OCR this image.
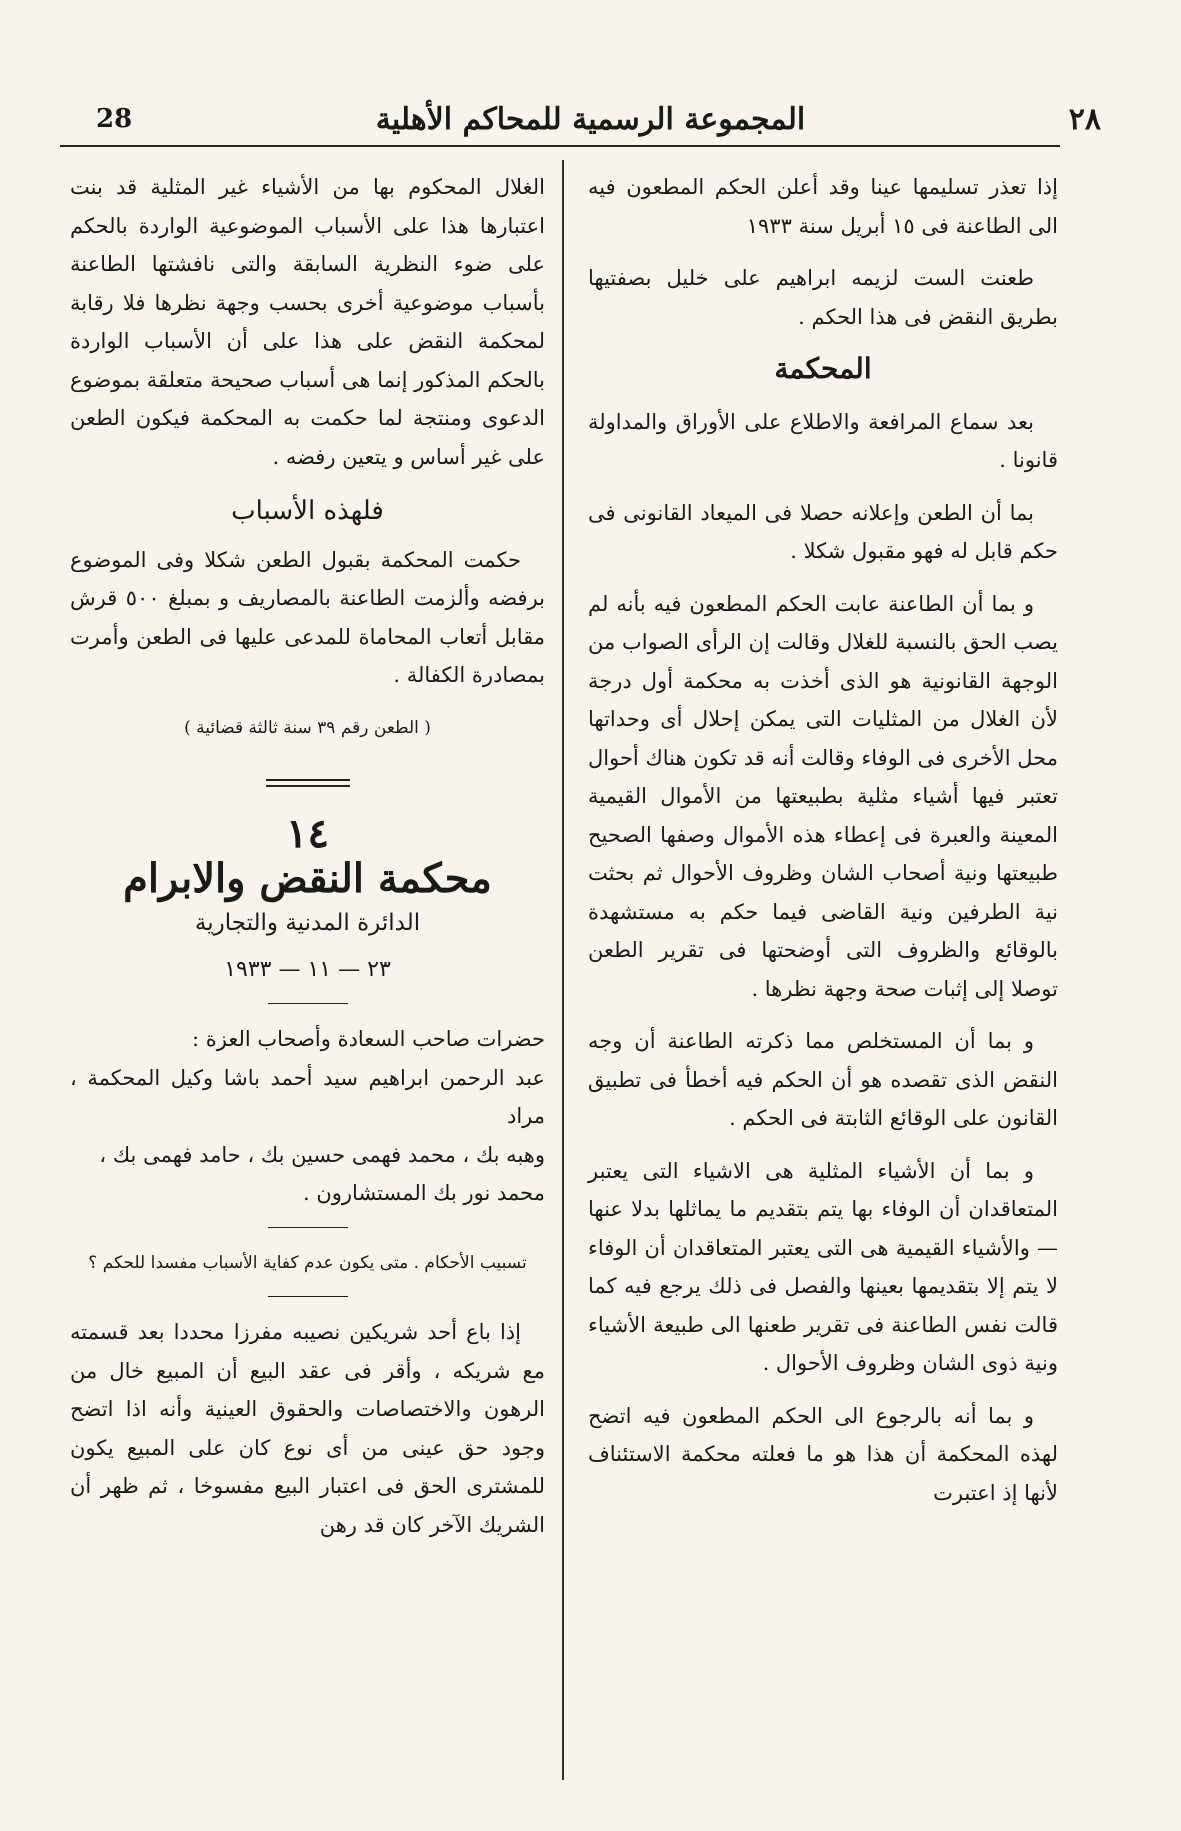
28	المجموعة الرسمية للمحاكم الأهلية	٢٨

إذا تعذر تسليمها عينا وقد أعلن الحكم المطعون فيه الى الطاعنة فى ١٥ أبريل سنة ١٩٣٣

طعنت الست لزيمه ابراهيم على خليل بصفتيها بطريق النقض فى هذا الحكم .

المحكمة

بعد سماع المرافعة والاطلاع على الأوراق والمداولة قانونا .

بما أن الطعن وإعلانه حصلا فى الميعاد القانونى فى حكم قابل له فهو مقبول شكلا .

و بما أن الطاعنة عابت الحكم المطعون فيه بأنه لم يصب الحق بالنسبة للغلال وقالت إن الرأى الصواب من الوجهة القانونية هو الذى أخذت به محكمة أول درجة لأن الغلال من المثليات التى يمكن إحلال أى وحداتها محل الأخرى فى الوفاء وقالت أنه قد تكون هناك أحوال تعتبر فيها أشياء مثلية بطبيعتها من الأموال القيمية المعينة والعبرة فى إعطاء هذه الأموال وصفها الصحيح طبيعتها ونية أصحاب الشان وظروف الأحوال ثم بحثت نية الطرفين ونية القاضى فيما حكم به مستشهدة بالوقائع والظروف التى أوضحتها فى تقرير الطعن توصلا إلى إثبات صحة وجهة نظرها .

و بما أن المستخلص مما ذكرته الطاعنة أن وجه النقض الذى تقصده هو أن الحكم فيه أخطأ فى تطبيق القانون على الوقائع الثابتة فى الحكم .

و بما أن الأشياء المثلية هى الاشياء التى يعتبر المتعاقدان أن الوفاء بها يتم بتقديم ما يماثلها بدلا عنها — والأشياء القيمية هى التى يعتبر المتعاقدان أن الوفاء لا يتم إلا بتقديمها بعينها والفصل فى ذلك يرجع فيه كما قالت نفس الطاعنة فى تقرير طعنها الى طبيعة الأشياء ونية ذوى الشان وظروف الأحوال .

و بما أنه بالرجوع الى الحكم المطعون فيه اتضح لهذه المحكمة أن هذا هو ما فعلته محكمة الاستئناف لأنها إذ اعتبرت

الغلال المحكوم بها من الأشياء غير المثلية قد بنت اعتبارها هذا على الأسباب الموضوعية الواردة بالحكم على ضوء النظرية السابقة والتى نافشتها الطاعنة بأسباب موضوعية أخرى بحسب وجهة نظرها فلا رقابة لمحكمة النقض على هذا على أن الأسباب الواردة بالحكم المذكور إنما هى أسباب صحيحة متعلقة بموضوع الدعوى ومنتجة لما حكمت به المحكمة فيكون الطعن على غير أساس و يتعين رفضه .

فلهذه الأسباب

حكمت المحكمة بقبول الطعن شكلا وفى الموضوع برفضه وألزمت الطاعنة بالمصاريف و بمبلغ ٥٠٠ قرش مقابل أتعاب المحاماة للمدعى عليها فى الطعن وأمرت بمصادرة الكفالة .

( الطعن رقم ٣٩ سنة ثالثة قضائية )
١٤
محكمة النقض والابرام
الدائرة المدنية والتجارية
٢٣ — ١١ — ١٩٣٣

حضرات صاحب السعادة وأصحاب العزة :

عبد الرحمن ابراهيم سيد أحمد باشا وكيل المحكمة ، مراد

وهبه بك ، محمد فهمى حسين بك ، حامد فهمى بك ،

محمد نور بك المستشارون .

تسبيب الأحكام . متى يكون عدم كفاية الأسباب مفسدا للحكم ؟

إذا باع أحد شريكين نصيبه مفرزا محددا بعد قسمته مع شريكه ، وأقر فى عقد البيع أن المبيع خال من الرهون والاختصاصات والحقوق العينية وأنه اذا اتضح وجود حق عينى من أى نوع كان على المبيع يكون للمشترى الحق فى اعتبار البيع مفسوخا ، ثم ظهر أن الشريك الآخر كان قد رهن
